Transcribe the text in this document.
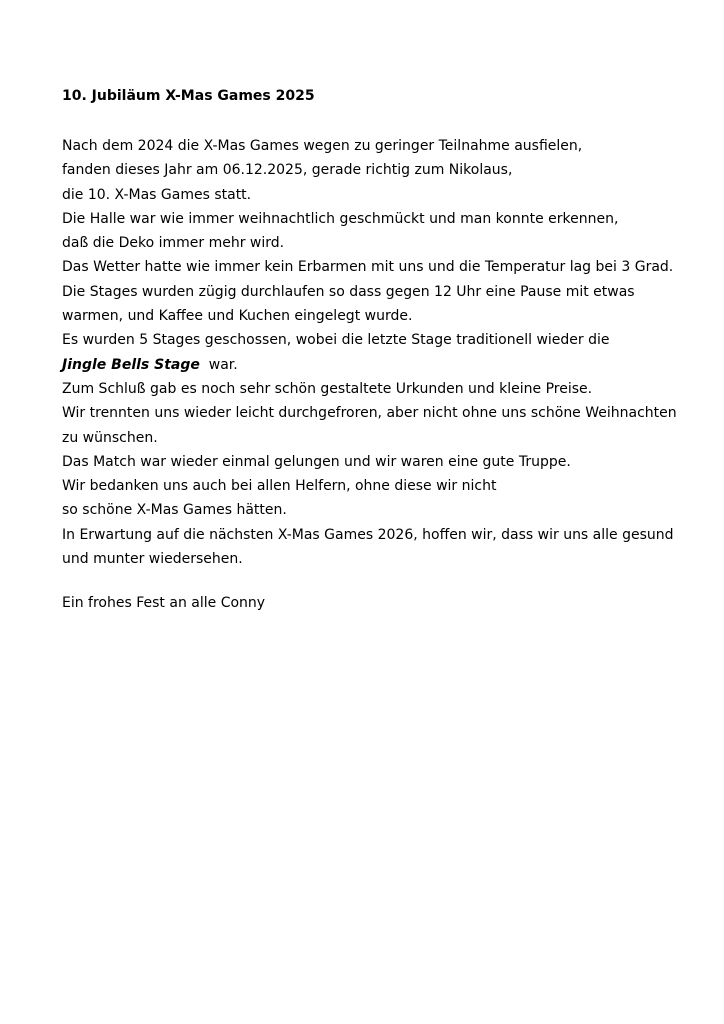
10. Jubiläum X-Mas Games 2025
Nach dem 2024 die X-Mas Games wegen zu geringer Teilnahme ausfielen,
fanden dieses Jahr am 06.12.2025, gerade richtig zum Nikolaus,
die 10. X-Mas Games statt.
Die Halle war wie immer weihnachtlich geschmückt und man konnte erkennen,
daß die Deko immer mehr wird.
Das Wetter hatte wie immer kein Erbarmen mit uns und die Temperatur lag bei 3 Grad.
Die Stages wurden zügig durchlaufen so dass gegen 12 Uhr eine Pause mit etwas
warmen, und Kaffee und Kuchen eingelegt wurde.
Es wurden 5 Stages geschossen, wobei die letzte Stage traditionell wieder die
Jingle Bells Stage  war.
Zum Schluß gab es noch sehr schön gestaltete Urkunden und kleine Preise.
Wir trennten uns wieder leicht durchgefroren, aber nicht ohne uns schöne Weihnachten
zu wünschen.
Das Match war wieder einmal gelungen und wir waren eine gute Truppe.
Wir bedanken uns auch bei allen Helfern, ohne diese wir nicht
so schöne X-Mas Games hätten.
In Erwartung auf die nächsten X-Mas Games 2026, hoffen wir, dass wir uns alle gesund
und munter wiedersehen.
Ein frohes Fest an alle Conny
